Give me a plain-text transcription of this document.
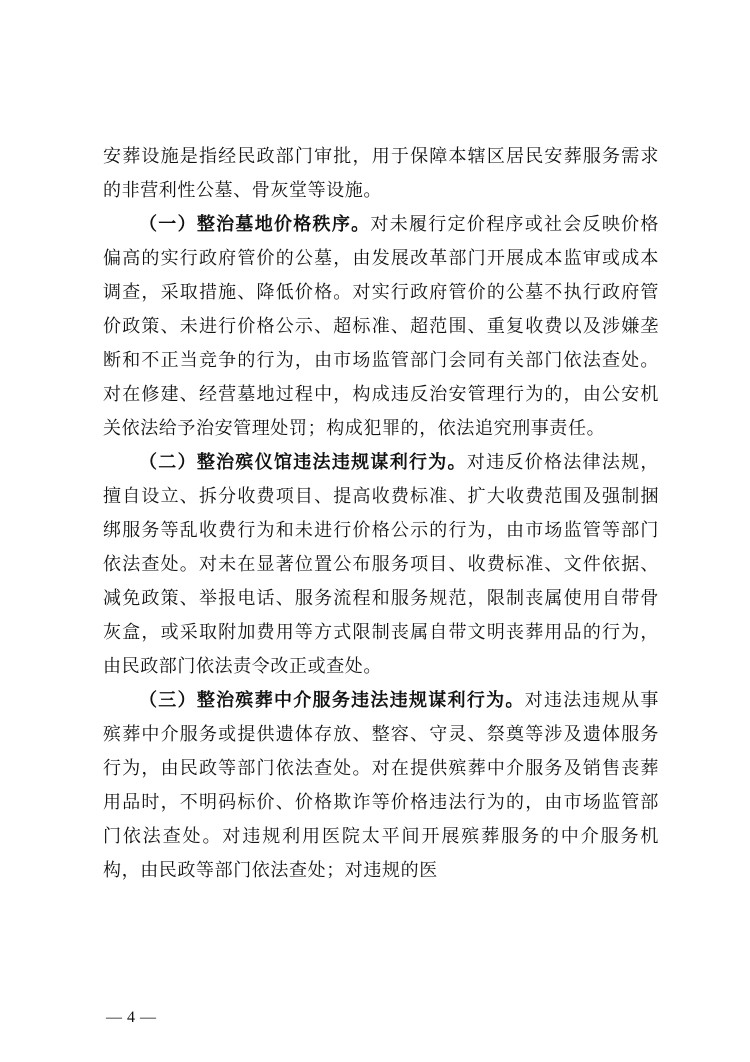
安葬设施是指经民政部门审批，用于保障本辖区居民安葬服务需求的非营利性公墓、骨灰堂等设施。

（一）整治墓地价格秩序。对未履行定价程序或社会反映价格偏高的实行政府管价的公墓，由发展改革部门开展成本监审或成本调查，采取措施、降低价格。对实行政府管价的公墓不执行政府管价政策、未进行价格公示、超标准、超范围、重复收费以及涉嫌垄断和不正当竞争的行为，由市场监管部门会同有关部门依法查处。对在修建、经营墓地过程中，构成违反治安管理行为的，由公安机关依法给予治安管理处罚；构成犯罪的，依法追究刑事责任。

（二）整治殡仪馆违法违规谋利行为。对违反价格法律法规，擅自设立、拆分收费项目、提高收费标准、扩大收费范围及强制捆绑服务等乱收费行为和未进行价格公示的行为，由市场监管等部门依法查处。对未在显著位置公布服务项目、收费标准、文件依据、减免政策、举报电话、服务流程和服务规范，限制丧属使用自带骨灰盒，或采取附加费用等方式限制丧属自带文明丧葬用品的行为，由民政部门依法责令改正或查处。

（三）整治殡葬中介服务违法违规谋利行为。对违法违规从事殡葬中介服务或提供遗体存放、整容、守灵、祭奠等涉及遗体服务行为，由民政等部门依法查处。对在提供殡葬中介服务及销售丧葬用品时，不明码标价、价格欺诈等价格违法行为的，由市场监管部门依法查处。对违规利用医院太平间开展殡葬服务的中介服务机构，由民政等部门依法查处；对违规的医

— 4 —
